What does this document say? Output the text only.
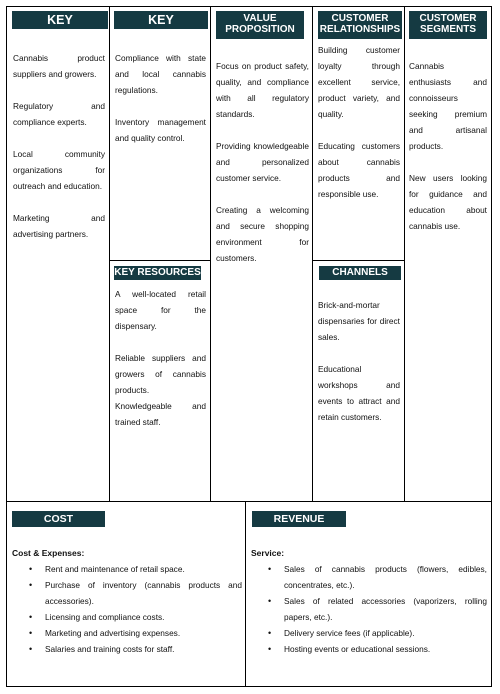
KEY PARTNERS

Cannabis product suppliers and growers.

Regulatory and compliance experts.

Local community organizations for outreach and education.

Marketing and advertising partners.

KEY ACTIVITIES

Compliance with state and local cannabis regulations.

Inventory management and quality control.

KEY RESOURCES

A well-located retail space for the dispensary.

Reliable suppliers and growers of cannabis products.

Knowledgeable and trained staff.

VALUE
PROPOSITION

Focus on product safety, quality, and compliance with all regulatory standards.

Providing knowledgeable and personalized customer service.

Creating a welcoming and secure shopping environment for customers.

CUSTOMER
RELATIONSHIPS

Building customer loyalty through excellent service, product variety, and quality.

Educating customers about cannabis products and responsible use.

CHANNELS

Brick-and-mortar dispensaries for direct sales.

Educational workshops and events to attract and retain customers.

CUSTOMER
SEGMENTS

Cannabis enthusiasts and connoisseurs seeking premium and artisanal products.

New users looking for guidance and education about cannabis use.

COST STRUCTURE
Cost & Expenses:
• Rent and maintenance of retail space.
• Purchase of inventory (cannabis products and accessories).
• Licensing and compliance costs.
• Marketing and advertising expenses.
• Salaries and training costs for staff.
REVENUE
Service:
• Sales of cannabis products (flowers, edibles, concentrates, etc.).
• Sales of related accessories (vaporizers, rolling papers, etc.).
• Delivery service fees (if applicable).
• Hosting events or educational sessions.
